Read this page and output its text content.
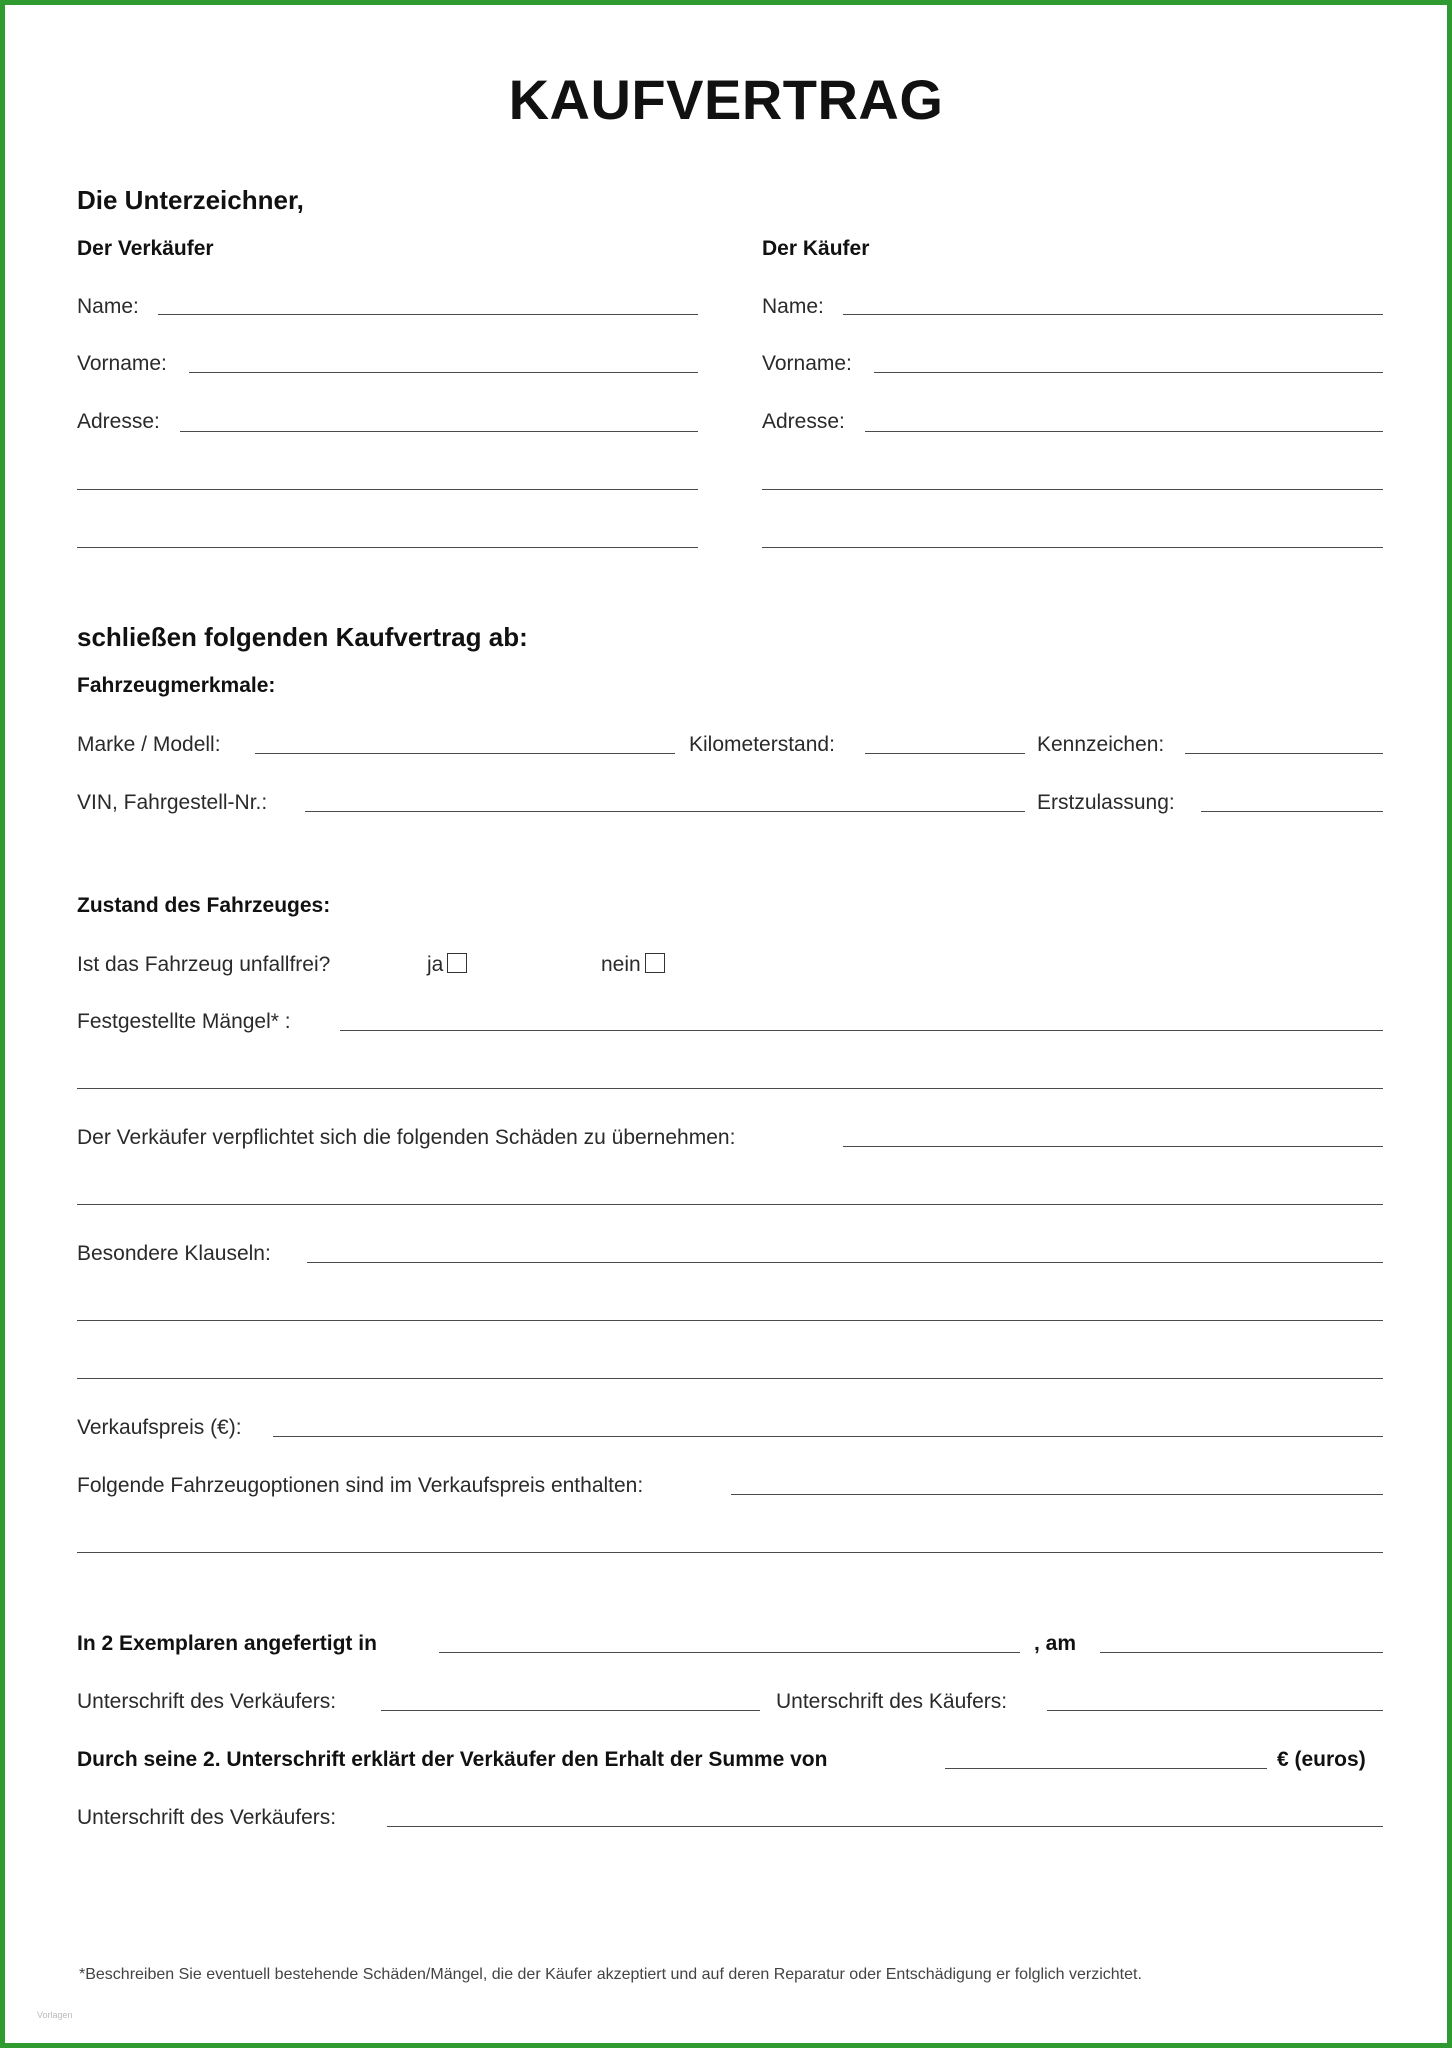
KAUFVERTRAG
Die Unterzeichner,
Der Verkäufer
Name:
Vorname:
Adresse:
Der Käufer
Name:
Vorname:
Adresse:
schließen folgenden Kaufvertrag ab:
Fahrzeugmerkmale:
Marke / Modell:	Kilometerstand:	Kennzeichen:
VIN, Fahrgestell-Nr.:	Erstzulassung:
Zustand des Fahrzeuges:
Ist das Fahrzeug unfallfrei?	ja	nein
Festgestellte Mängel* :
Der Verkäufer verpflichtet sich die folgenden Schäden zu übernehmen:
Besondere Klauseln:
Verkaufspreis (€):
Folgende Fahrzeugoptionen sind im Verkaufspreis enthalten:
In 2 Exemplaren angefertigt in	, am
Unterschrift des Verkäufers:	Unterschrift des Käufers:
Durch seine 2. Unterschrift erklärt der Verkäufer den Erhalt der Summe von	€ (euros)
Unterschrift des Verkäufers:
*Beschreiben Sie eventuell bestehende Schäden/Mängel, die der Käufer akzeptiert und auf deren Reparatur oder Entschädigung er folglich verzichtet.
Vorlagen
